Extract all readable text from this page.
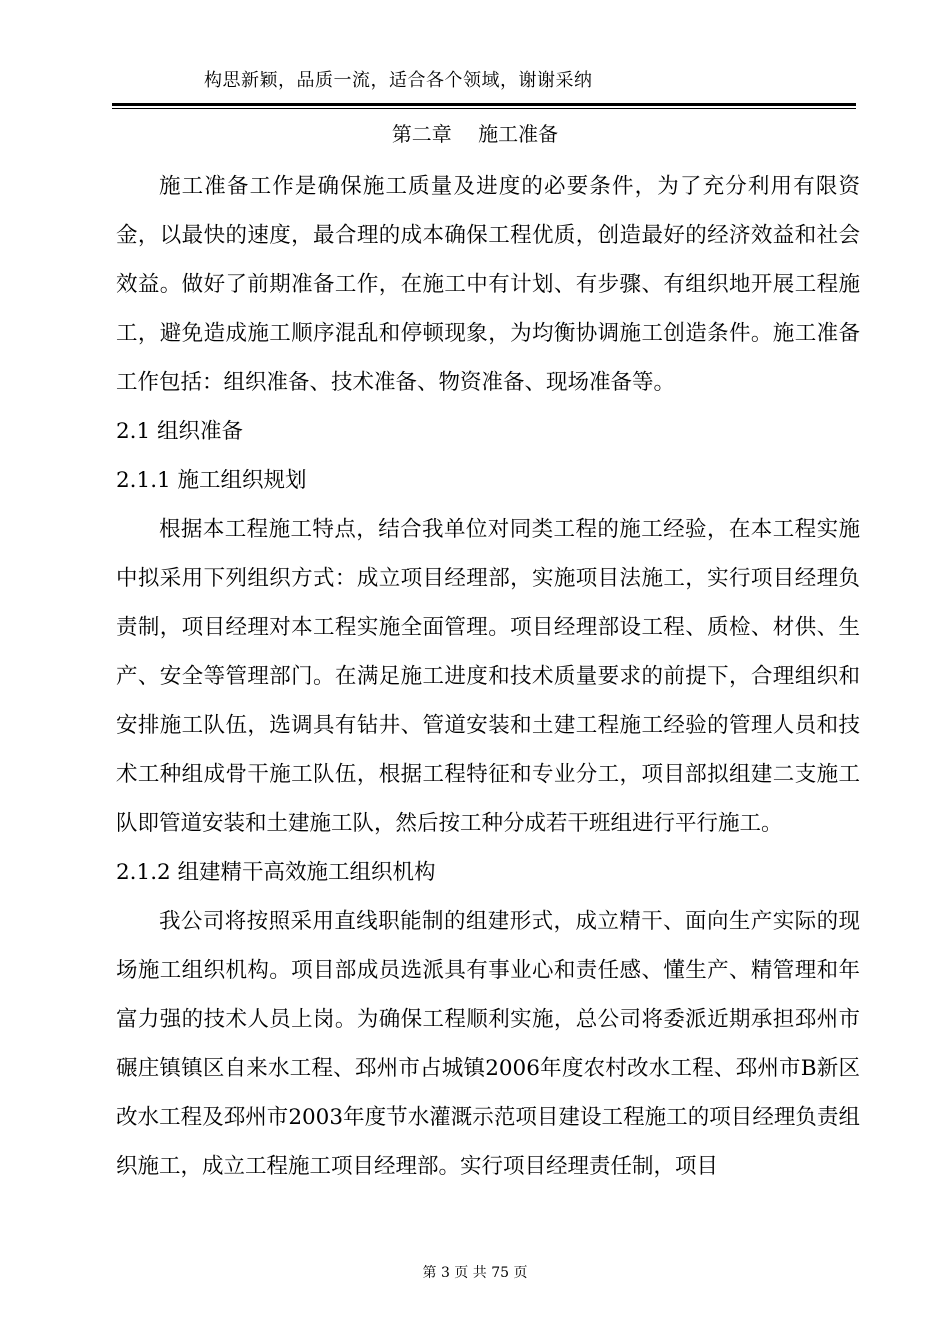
构思新颖，品质一流，适合各个领域，谢谢采纳
第二章　 施工准备

施工准备工作是确保施工质量及进度的必要条件，为了充分利用有限资金，以最快的速度，最合理的成本确保工程优质，创造最好的经济效益和社会效益。做好了前期准备工作，在施工中有计划、有步骤、有组织地开展工程施工，避免造成施工顺序混乱和停顿现象，为均衡协调施工创造条件。施工准备工作包括：组织准备、技术准备、物资准备、现场准备等。

2.1 组织准备

2.1.1 施工组织规划

根据本工程施工特点，结合我单位对同类工程的施工经验，在本工程实施中拟采用下列组织方式：成立项目经理部，实施项目法施工，实行项目经理负责制，项目经理对本工程实施全面管理。项目经理部设工程、质检、材供、生产、安全等管理部门。在满足施工进度和技术质量要求的前提下，合理组织和安排施工队伍，选调具有钻井、管道安装和土建工程施工经验的管理人员和技术工种组成骨干施工队伍，根据工程特征和专业分工，项目部拟组建二支施工队即管道安装和土建施工队，然后按工种分成若干班组进行平行施工。

2.1.2 组建精干高效施工组织机构

我公司将按照采用直线职能制的组建形式，成立精干、面向生产实际的现场施工组织机构。项目部成员选派具有事业心和责任感、懂生产、精管理和年富力强的技术人员上岗。为确保工程顺利实施，总公司将委派近期承担邳州市碾庄镇镇区自来水工程、邳州市占城镇2006年度农村改水工程、邳州市B新区改水工程及邳州市2003年度节水灌溉示范项目建设工程施工的项目经理负责组织施工，成立工程施工项目经理部。实行项目经理责任制，项目

第 3 页 共 75 页
